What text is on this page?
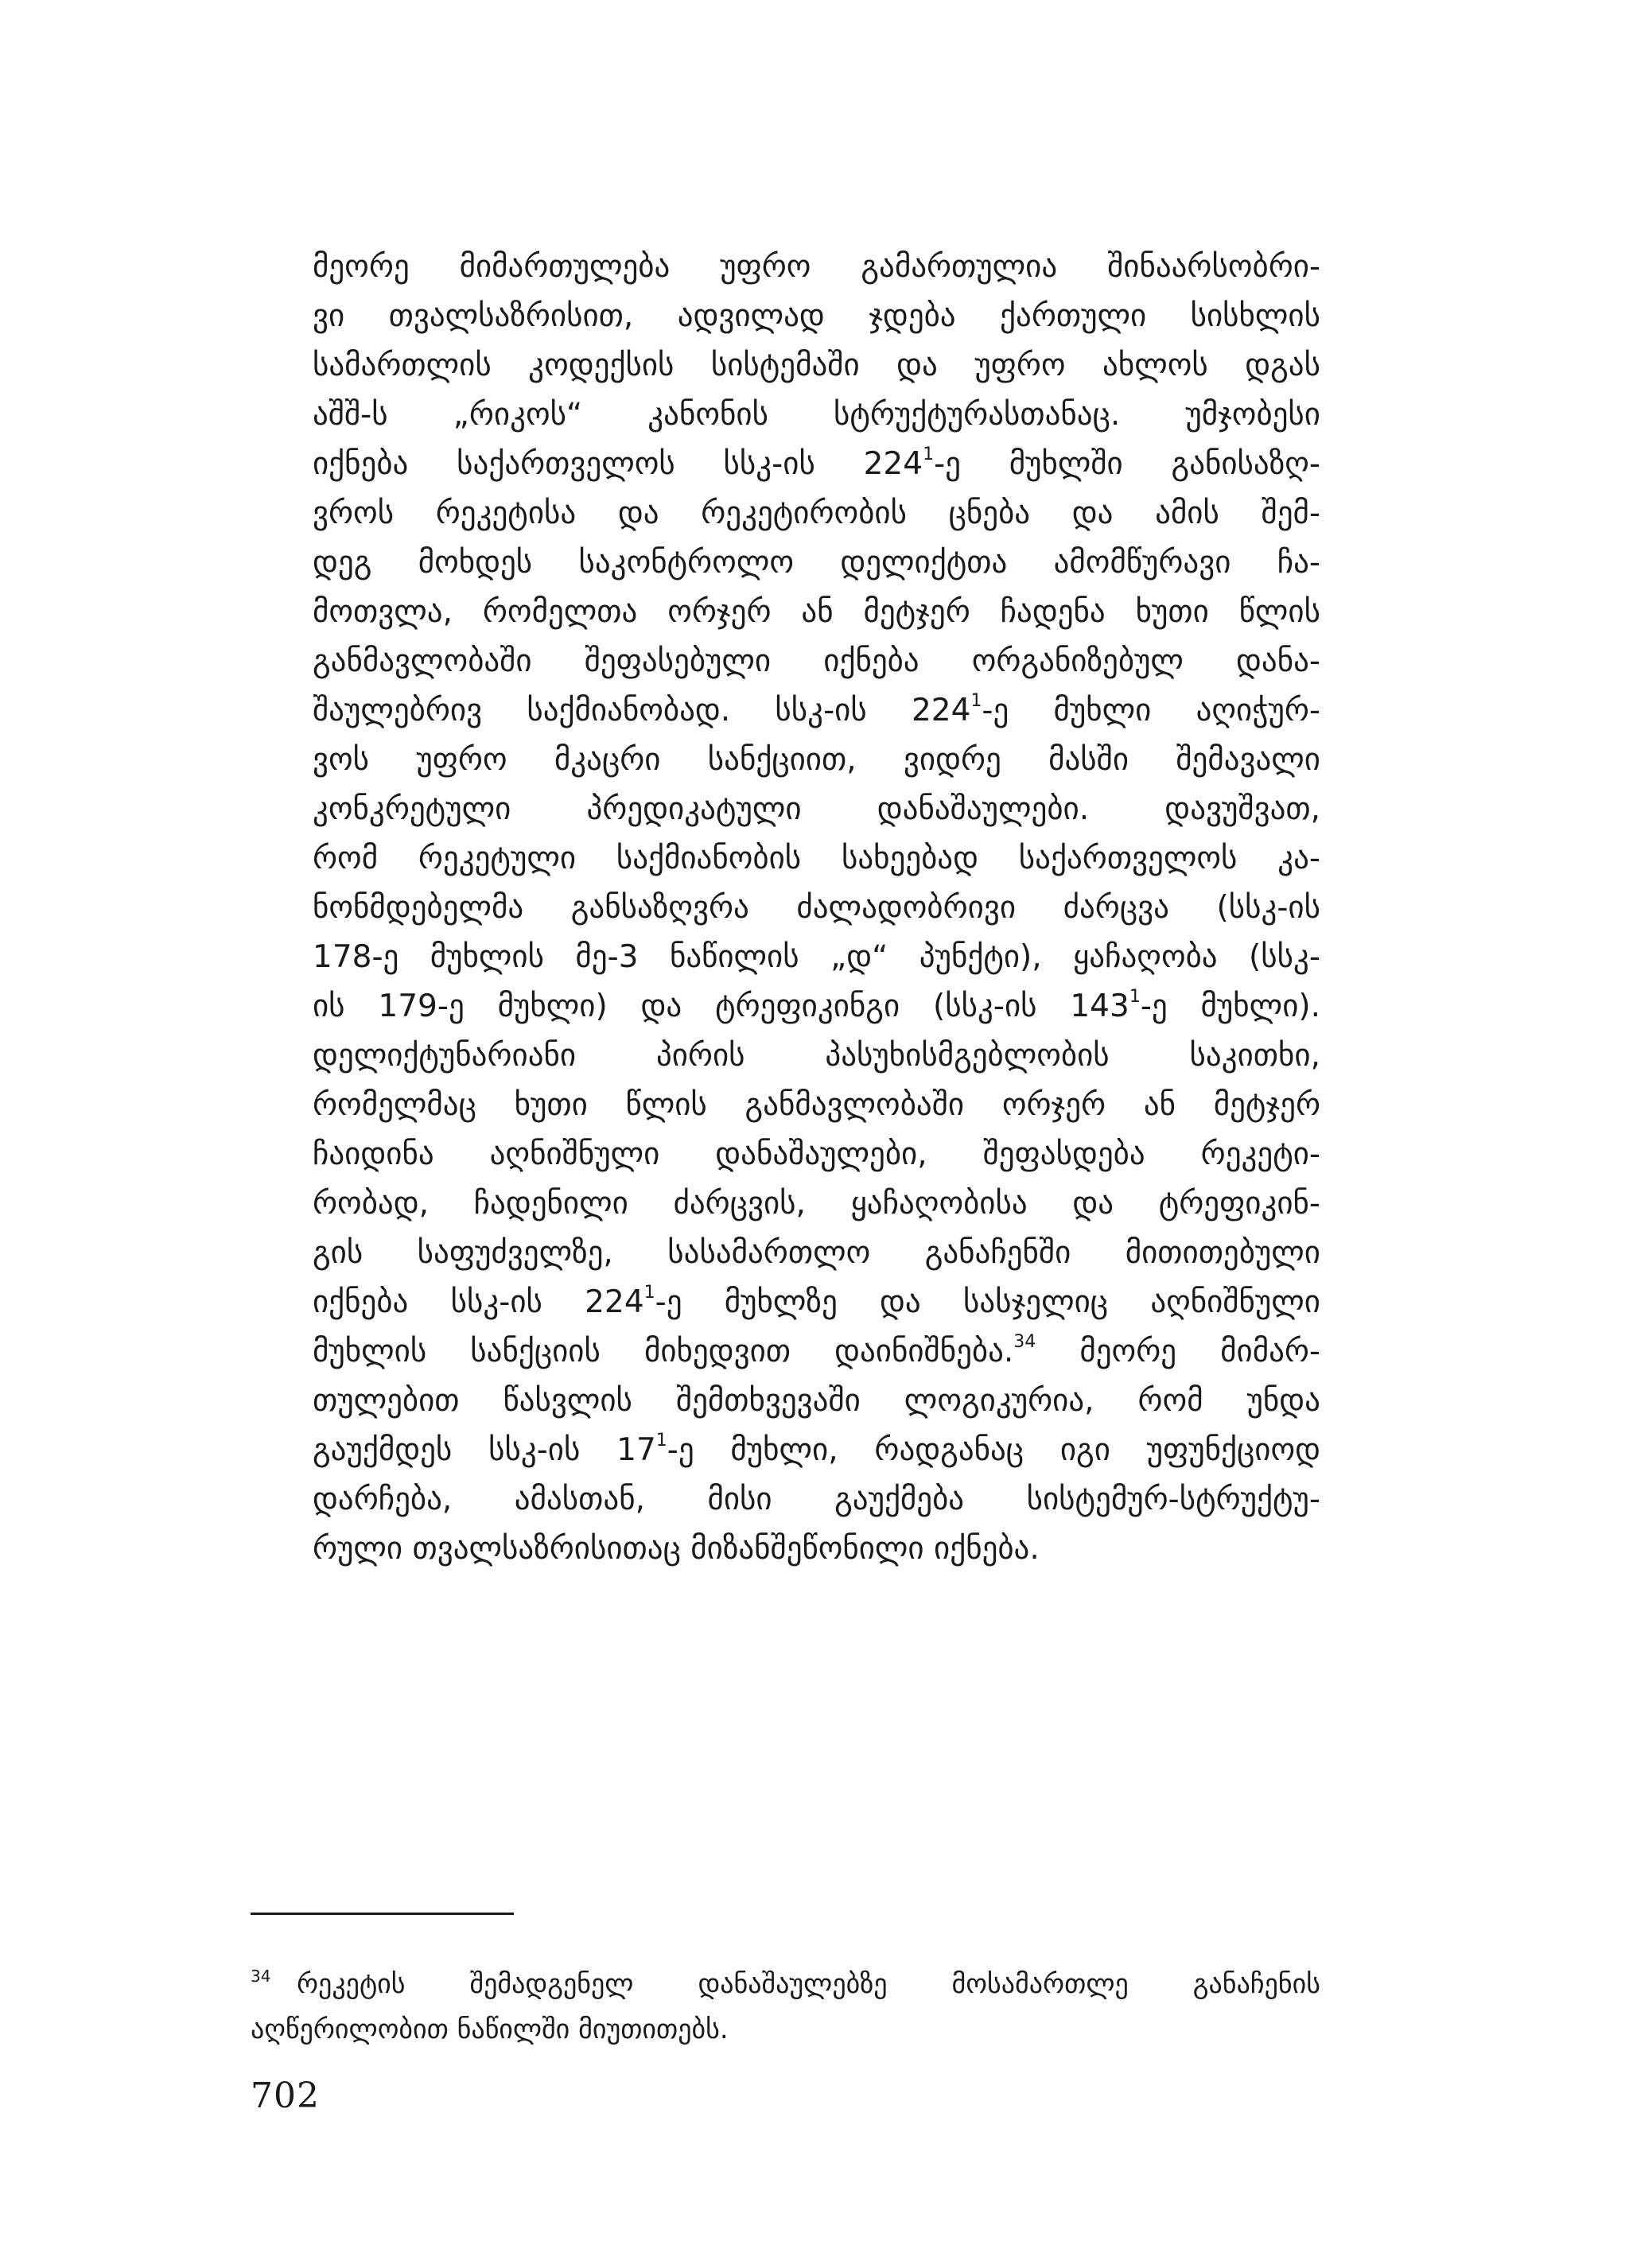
მეორე მიმართულება უფრო გამართულია შინაარსობრი-
ვი თვალსაზრისით, ადვილად ჯდება ქართული სისხლის
სამართლის კოდექსის სისტემაში და უფრო ახლოს დგას
აშშ-ს „რიკოს“ კანონის სტრუქტურასთანაც. უმჯობესი
იქნება საქართველოს სსკ-ის $224^1-ე$ მუხლში განისაზღ-
ვროს რეკეტისა და რეკეტირობის ცნება და ამის შემ-
დეგ მოხდეს საკონტროლო დელიქტთა ამომწურავი ჩა-
მოთვლა, რომელთა ორჯერ ან მეტჯერ ჩადენა ხუთი წლის
განმავლობაში შეფასებული იქნება ორგანიზებულ დანა-
შაულებრივ საქმიანობად. სსკ-ის $224^1-ე$ მუხლი აღიჭურ-
ვოს უფრო მკაცრი სანქციით, ვიდრე მასში შემავალი
კონკრეტული პრედიკატული დანაშაულები. დავუშვათ,
რომ რეკეტული საქმიანობის სახეებად საქართველოს კა-
ნონმდებელმა განსაზღვრა ძალადობრივი ძარცვა (სსკ-ის
178-ე მუხლის მე-3 ნაწილის „დ“ პუნქტი), ყაჩაღობა (სსკ-
ის 179-ე მუხლი) და ტრეფიკინგი (სსკ-ის $143^1-ე$ მუხლი).
დელიქტუნარიანი პირის პასუხისმგებლობის საკითხი,
რომელმაც ხუთი წლის განმავლობაში ორჯერ ან მეტჯერ
ჩაიდინა აღნიშნული დანაშაულები, შეფასდება რეკეტი-
რობად, ჩადენილი ძარცვის, ყაჩაღობისა და ტრეფიკინ-
გის საფუძველზე, სასამართლო განაჩენში მითითებული
იქნება სსკ-ის $224^1-ე$ მუხლზე და სასჯელიც აღნიშნული
მუხლის სანქციის მიხედვით დაინიშნება.$^{34}$ მეორე მიმარ-
თულებით წასვლის შემთხვევაში ლოგიკურია, რომ უნდა
გაუქმდეს სსკ-ის $17^1-ე$ მუხლი, რადგანაც იგი უფუნქციოდ
დარჩება, ამასთან, მისი გაუქმება სისტემურ-სტრუქტუ-
რული თვალსაზრისითაც მიზანშეწონილი იქნება.
34 რეკეტის შემადგენელ დანაშაულებზე მოსამართლე განაჩენის
აღწერილობით ნაწილში მიუთითებს.
702
